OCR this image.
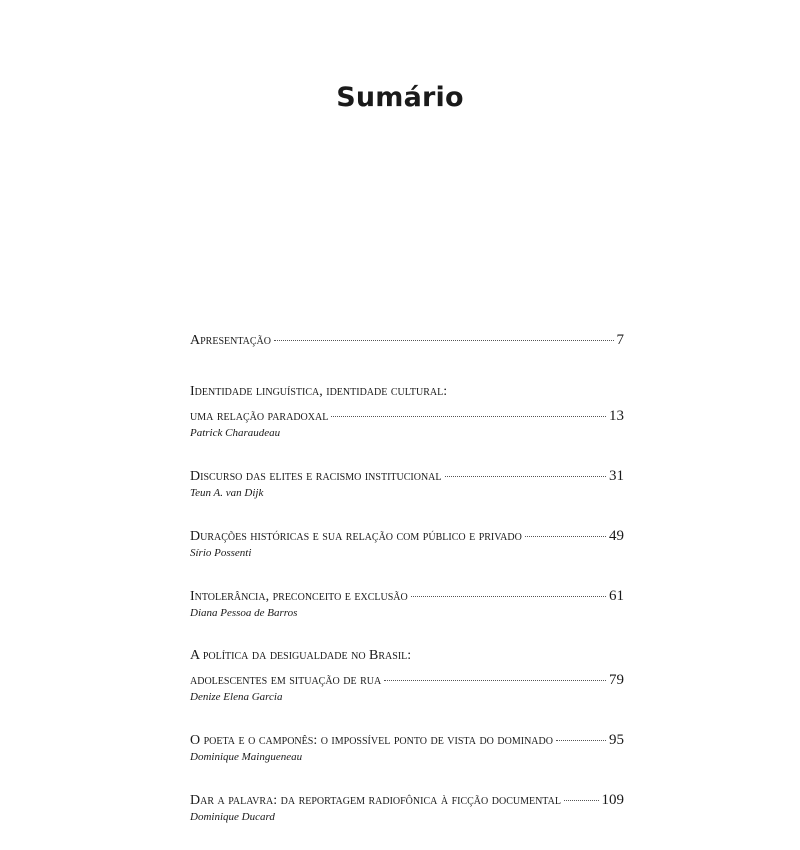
Sumário
Apresentação	7
Identidade linguística, identidade cultural:
uma relação paradoxal	13
Patrick Charaudeau
Discurso das elites e racismo institucional	31
Teun A. van Dijk
Durações históricas e sua relação com público e privado	49
Sírio Possenti
Intolerância, preconceito e exclusão	61
Diana Pessoa de Barros
A política da desigualdade no Brasil:
adolescentes em situação de rua	79
Denize Elena Garcia
O poeta e o camponês: o impossível ponto de vista do dominado	95
Dominique Maingueneau
Dar a palavra: da reportagem radiofônica à ficção documental	109
Dominique Ducard
